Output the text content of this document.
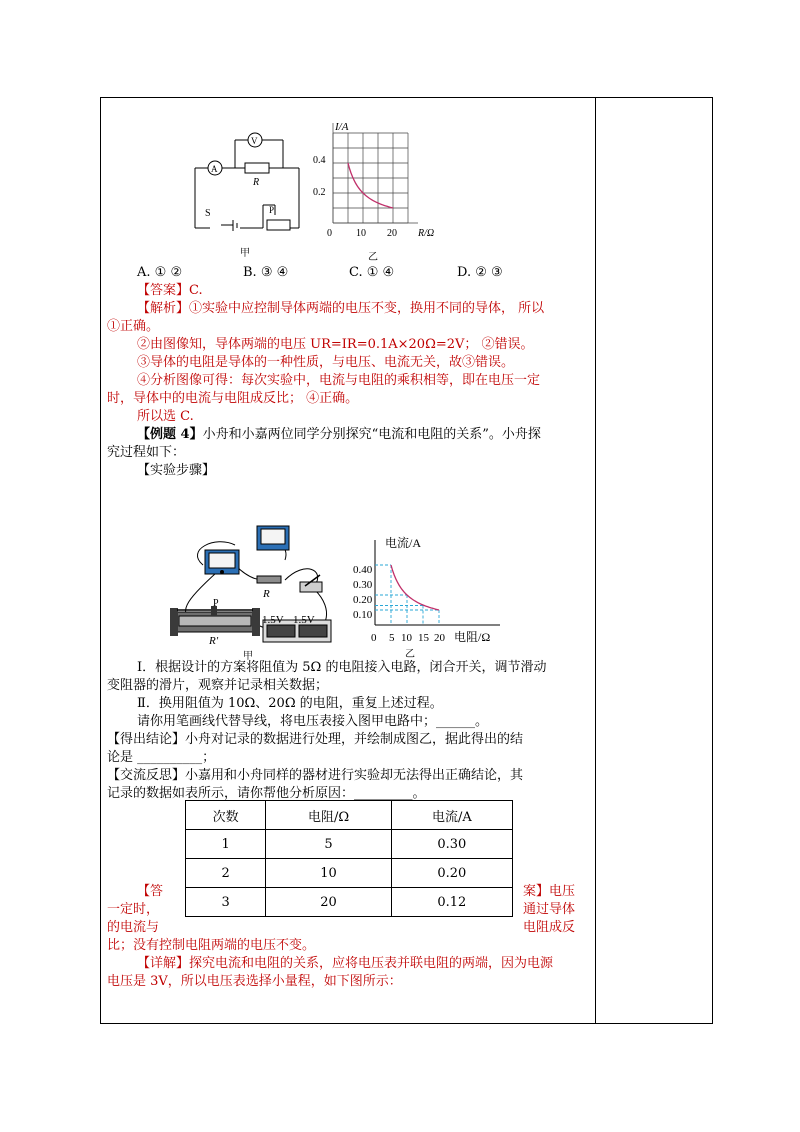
V
A
R
S	P
甲
I/A
0.4
0.2
0 10 20 R/Ω
乙
A. ① ②	B. ③ ④	C. ① ④	D. ② ③
【答案】C.
【解析】①实验中应控制导体两端的电压不变，换用不同的导体， 所以
①正确。
②由图像知，导体两端的电压 UR=IR=0.1A×20Ω=2V； ②错误。
③导体的电阻是导体的一种性质，与电压、电流无关，故③错误。
④分析图像可得：每次实验中，电流与电阻的乘积相等，即在电压一定
时，导体中的电流与电阻成反比； ④正确。
所以选 C.
【例题 4】小舟和小嘉两位同学分别探究“电流和电阻的关系”。小舟探
究过程如下：
【实验步骤】
1.5V 1.5V
R
P
R′
甲
电流/A
0.40
0.30
0.20
0.10
0 5 10 15 20 电阻/Ω
乙
Ⅰ．根据设计的方案将阻值为 5Ω 的电阻接入电路，闭合开关，调节滑动
变阻器的滑片，观察并记录相关数据；
Ⅱ．换用阻值为 10Ω、20Ω 的电阻，重复上述过程。
请你用笔画线代替导线，将电压表接入图甲电路中；______。
【得出结论】小舟对记录的数据进行处理，并绘制成图乙，据此得出的结
论是 __________；
【交流反思】小嘉用和小舟同样的器材进行实验却无法得出正确结论，其
记录的数据如表所示，请你帮他分析原因：_________。
次数	电阻/Ω	电流/A
1	5	0.30
2	10	0.20
3	20	0.12
【答
一定时，
的电流与
案】电压
通过导体
电阻成反
比；没有控制电阻两端的电压不变。
【详解】探究电流和电阻的关系，应将电压表并联电阻的两端，因为电源
电压是 3V，所以电压表选择小量程，如下图所示：
